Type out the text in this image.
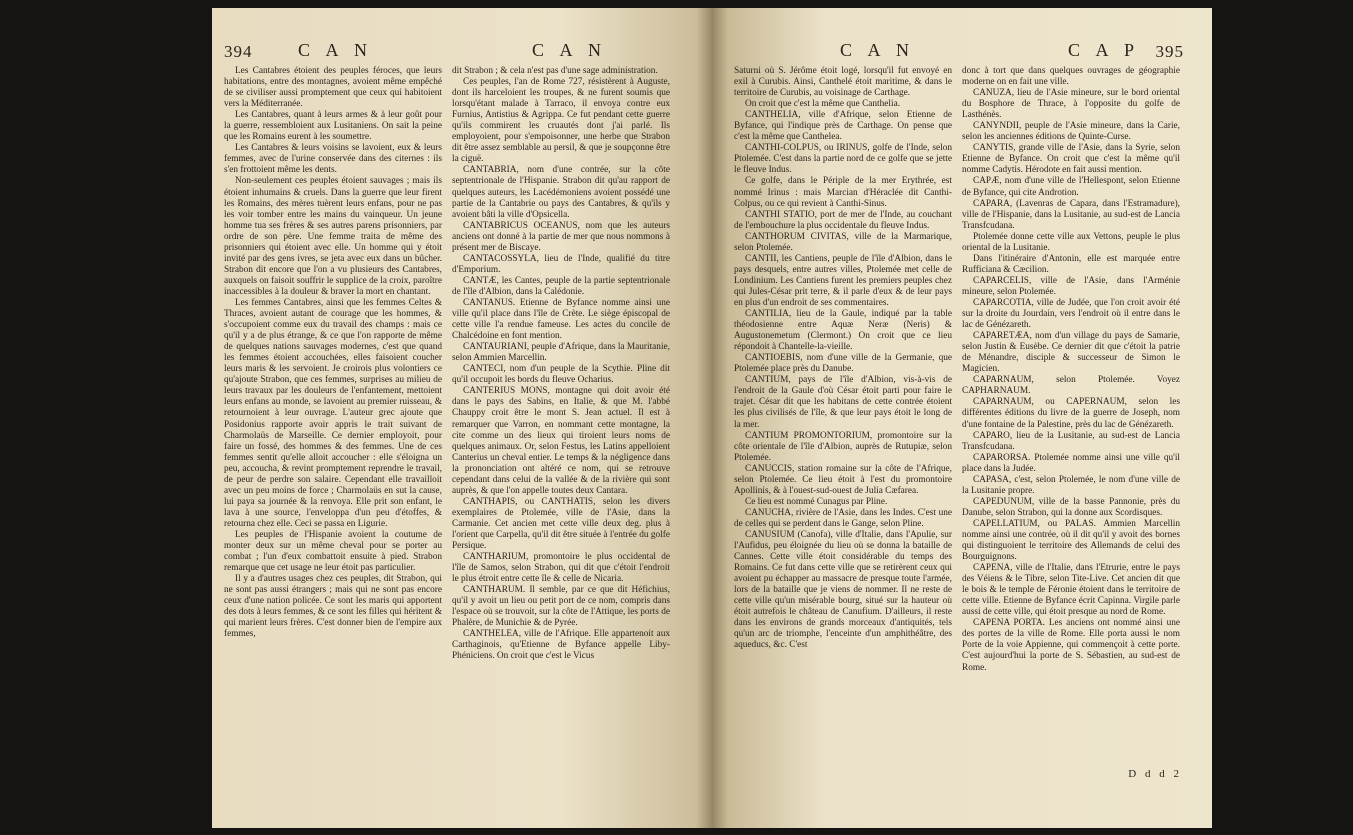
394	C A N	C A N

Les Cantabres étoient des peuples féroces, que leurs habitations, entre des montagnes, avoient même empêché de se civiliser aussi promptement que ceux qui habitoient vers la Méditerranée.

Les Cantabres, quant à leurs armes & à leur goût pour la guerre, ressembloient aux Lusitaniens. On sait la peine que les Romains eurent à les soumettre.

Les Cantabres & leurs voisins se lavoient, eux & leurs femmes, avec de l'urine conservée dans des citernes : ils s'en frottoient même les dents.

Non-seulement ces peuples étoient sauvages ; mais ils étoient inhumains & cruels. Dans la guerre que leur firent les Romains, des mères tuèrent leurs enfans, pour ne pas les voir tomber entre les mains du vainqueur. Un jeune homme tua ses frères & ses autres parens prisonniers, par ordre de son père. Une femme traita de même des prisonniers qui étoient avec elle. Un homme qui y étoit invité par des gens ivres, se jeta avec eux dans un bûcher. Strabon dit encore que l'on a vu plusieurs des Cantabres, auxquels on faisoit souffrir le supplice de la croix, paroître inaccessibles à la douleur & braver la mort en chantant.

Les femmes Cantabres, ainsi que les femmes Celtes & Thraces, avoient autant de courage que les hommes, & s'occupoient comme eux du travail des champs : mais ce qu'il y a de plus étrange, & ce que l'on rapporte de même de quelques nations sauvages modernes, c'est que quand les femmes étoient accouchées, elles faisoient coucher leurs maris & les servoient. Je croirois plus volontiers ce qu'ajoute Strabon, que ces femmes, surprises au milieu de leurs travaux par les douleurs de l'enfantement, mettoient leurs enfans au monde, se lavoient au premier ruisseau, & retournoient à leur ouvrage. L'auteur grec ajoute que Posidonius rapporte avoir appris le trait suivant de Charmolaüs de Marseille. Ce dernier employoit, pour faire un fossé, des hommes & des femmes. Une de ces femmes sentit qu'elle alloit accoucher : elle s'éloigna un peu, accoucha, & revint promptement reprendre le travail, de peur de perdre son salaire. Cependant elle travailloit avec un peu moins de force ; Charmolaüs en sut la cause, lui paya sa journée & la renvoya. Elle prit son enfant, le lava à une source, l'enveloppa d'un peu d'étoffes, & retourna chez elle. Ceci se passa en Ligurie.

Les peuples de l'Hispanie avoient la coutume de monter deux sur un même cheval pour se porter au combat ; l'un d'eux combattoit ensuite à pied. Strabon remarque que cet usage ne leur étoit pas particulier.

Il y a d'autres usages chez ces peuples, dit Strabon, qui ne sont pas aussi étrangers ; mais qui ne sont pas encore ceux d'une nation policée. Ce sont les maris qui apportent des dots à leurs femmes, & ce sont les filles qui héritent & qui marient leurs frères. C'est donner bien de l'empire aux femmes,

dit Strabon ; & cela n'est pas d'une sage administration.

Ces peuples, l'an de Rome 727, résistèrent à Auguste, dont ils harceloient les troupes, & ne furent soumis que lorsqu'étant malade à Tarraco, il envoya contre eux Furnius, Antistius & Agrippa. Ce fut pendant cette guerre qu'ils commirent les cruautés dont j'ai parlé. Ils employoient, pour s'empoisonner, une herbe que Strabon dit être assez semblable au persil, & que je soupçonne être la ciguë.

CANTABRIA, nom d'une contrée, sur la côte septentrionale de l'Hispanie. Strabon dit qu'au rapport de quelques auteurs, les Lacédémoniens avoient possédé une partie de la Cantabrie ou pays des Cantabres, & qu'ils y avoient bâti la ville d'Opsicella.

CANTABRICUS OCEANUS, nom que les auteurs anciens ont donné à la partie de mer que nous nommons à présent mer de Biscaye.

CANTACOSSYLA, lieu de l'Inde, qualifié du titre d'Emporium.

CANTÆ, les Cantes, peuple de la partie septentrionale de l'île d'Albion, dans la Calédonie.

CANTANUS. Etienne de Byfance nomme ainsi une ville qu'il place dans l'île de Crète. Le siège épiscopal de cette ville l'a rendue fameuse. Les actes du concile de Chalcédoine en font mention.

CANTAURIANI, peuple d'Afrique, dans la Mauritanie, selon Ammien Marcellin.

CANTECI, nom d'un peuple de la Scythie. Pline dit qu'il occupoit les bords du fleuve Ocharius.

CANTERIUS MONS, montagne qui doit avoir été dans le pays des Sabins, en Italie, & que M. l'abbé Chauppy croit être le mont S. Jean actuel. Il est à remarquer que Varron, en nommant cette montagne, la cite comme un des lieux qui tiroient leurs noms de quelques animaux. Or, selon Festus, les Latins appelloient Canterius un cheval entier. Le temps & la négligence dans la prononciation ont altéré ce nom, qui se retrouve cependant dans celui de la vallée & de la rivière qui sont auprès, & que l'on appelle toutes deux Cantara.

CANTHAPIS, ou CANTHATIS, selon les divers exemplaires de Ptolemée, ville de l'Asie, dans la Carmanie. Cet ancien met cette ville deux deg. plus à l'orient que Carpella, qu'il dit être située à l'entrée du golfe Persique.

CANTHARIUM, promontoire le plus occidental de l'île de Samos, selon Strabon, qui dit que c'étoit l'endroit le plus étroit entre cette île & celle de Nicaria.

CANTHARUM. Il semble, par ce que dit Héfichius, qu'il y avoit un lieu ou petit port de ce nom, compris dans l'espace où se trouvoit, sur la côte de l'Attique, les ports de Phalère, de Munichie & de Pyrée.

CANTHELEA, ville de l'Afrique. Elle appartenoit aux Carthaginois, qu'Etienne de Byfance appelle Liby-Phéniciens. On croit que c'est le Vicus

C A N	C A P 395

Saturni où S. Jérôme étoit logé, lorsqu'il fut envoyé en exil à Curubis. Ainsi, Canthelé étoit maritime, & dans le territoire de Curubis, au voisinage de Carthage.

On croit que c'est la même que Canthelia.

CANTHELIA, ville d'Afrique, selon Etienne de Byfance, qui l'indique près de Carthage. On pense que c'est la même que Canthelea.

CANTHI-COLPUS, ou IRINUS, golfe de l'Inde, selon Ptolemée. C'est dans la partie nord de ce golfe que se jette le fleuve Indus.

Ce golfe, dans le Périple de la mer Erythrée, est nommé Irinus : mais Marcian d'Héraclée dit Canthi-Colpus, ou ce qui revient à Canthi-Sinus.

CANTHI STATIO, port de mer de l'Inde, au couchant de l'embouchure la plus occidentale du fleuve Indus.

CANTHORUM CIVITAS, ville de la Marmarique, selon Ptolemée.

CANTII, les Cantiens, peuple de l'île d'Albion, dans le pays desquels, entre autres villes, Ptolemée met celle de Londinium. Les Cantiens furent les premiers peuples chez qui Jules-César prit terre, & il parle d'eux & de leur pays en plus d'un endroit de ses commentaires.

CANTILIA, lieu de la Gaule, indiqué par la table théodosienne entre Aquæ Neræ (Neris) & Augustonemetum (Clermont.) On croit que ce lieu répondoit à Chantelle-la-vieille.

CANTIOEBIS, nom d'une ville de la Germanie, que Ptolemée place près du Danube.

CANTIUM, pays de l'île d'Albion, vis-à-vis de l'endroit de la Gaule d'où César étoit parti pour faire le trajet. César dit que les habitans de cette contrée étoient les plus civilisés de l'île, & que leur pays étoit le long de la mer.

CANTIUM PROMONTORIUM, promontoire sur la côte orientale de l'île d'Albion, auprès de Rutupiæ, selon Ptolemée.

CANUCCIS, station romaine sur la côte de l'Afrique, selon Ptolemée. Ce lieu étoit à l'est du promontoire Apollinis, & à l'ouest-sud-ouest de Julia Cæfarea.

Ce lieu est nommé Cunagus par Pline.

CANUCHA, rivière de l'Asie, dans les Indes. C'est une de celles qui se perdent dans le Gange, selon Pline.

CANUSIUM (Canofa), ville d'Italie, dans l'Apulie, sur l'Aufidus, peu éloignée du lieu où se donna la bataille de Cannes. Cette ville étoit considérable du temps des Romains. Ce fut dans cette ville que se retirèrent ceux qui avoient pu échapper au massacre de presque toute l'armée, lors de la bataille que je viens de nommer. Il ne reste de cette ville qu'un misérable bourg, situé sur la hauteur où étoit autrefois le château de Canufium. D'ailleurs, il reste dans les environs de grands morceaux d'antiquités, tels qu'un arc de triomphe, l'enceinte d'un amphithéâtre, des aqueducs, &c. C'est

donc à tort que dans quelques ouvrages de géographie moderne on en fait une ville.

CANUZA, lieu de l'Asie mineure, sur le bord oriental du Bosphore de Thrace, à l'opposite du golfe de Lasthénès.

CANYNDII, peuple de l'Asie mineure, dans la Carie, selon les anciennes éditions de Quinte-Curse.

CANYTIS, grande ville de l'Asie, dans la Syrie, selon Etienne de Byfance. On croit que c'est la même qu'il nomme Cadytis. Hérodote en fait aussi mention.

CAPÆ, nom d'une ville de l'Hellespont, selon Etienne de Byfance, qui cite Androtion.

CAPARA, (Lavenras de Capara, dans l'Estramadure), ville de l'Hispanie, dans la Lusitanie, au sud-est de Lancia Transfcudana.

Ptolemée donne cette ville aux Vettons, peuple le plus oriental de la Lusitanie.

Dans l'itinéraire d'Antonin, elle est marquée entre Rufficiana & Cæcilion.

CAPARCELIS, ville de l'Asie, dans l'Arménie mineure, selon Ptolemée.

CAPARCOTIA, ville de Judée, que l'on croit avoir été sur la droite du Jourdain, vers l'endroit où il entre dans le lac de Génézareth.

CAPARETÆA, nom d'un village du pays de Samarie, selon Justin & Eusèbe. Ce dernier dit que c'étoit la patrie de Ménandre, disciple & successeur de Simon le Magicien.

CAPARNAUM, selon Ptolemée. Voyez CAPHARNAUM.

CAPARNAUM, ou CAPERNAUM, selon les différentes éditions du livre de la guerre de Joseph, nom d'une fontaine de la Palestine, près du lac de Génézareth.

CAPARO, lieu de la Lusitanie, au sud-est de Lancia Transfcudana.

CAPARORSA. Ptolemée nomme ainsi une ville qu'il place dans la Judée.

CAPASA, c'est, selon Ptolemée, le nom d'une ville de la Lusitanie propre.

CAPEDUNUM, ville de la basse Pannonie, près du Danube, selon Strabon, qui la donne aux Scordisques.

CAPELLATIUM, ou PALAS. Ammien Marcellin nomme ainsi une contrée, où il dit qu'il y avoit des bornes qui distinguoient le territoire des Allemands de celui des Bourguignons.

CAPENA, ville de l'Italie, dans l'Etrurie, entre le pays des Véiens & le Tibre, selon Tite-Live. Cet ancien dit que le bois & le temple de Féronie étoient dans le territoire de cette ville. Etienne de Byfance écrit Capinna. Virgile parle aussi de cette ville, qui étoit presque au nord de Rome.

CAPENA PORTA. Les anciens ont nommé ainsi une des portes de la ville de Rome. Elle porta aussi le nom Porte de la voie Appienne, qui commençoit à cette porte. C'est aujourd'hui la porte de S. Sébastien, au sud-est de Rome.

D d d 2
